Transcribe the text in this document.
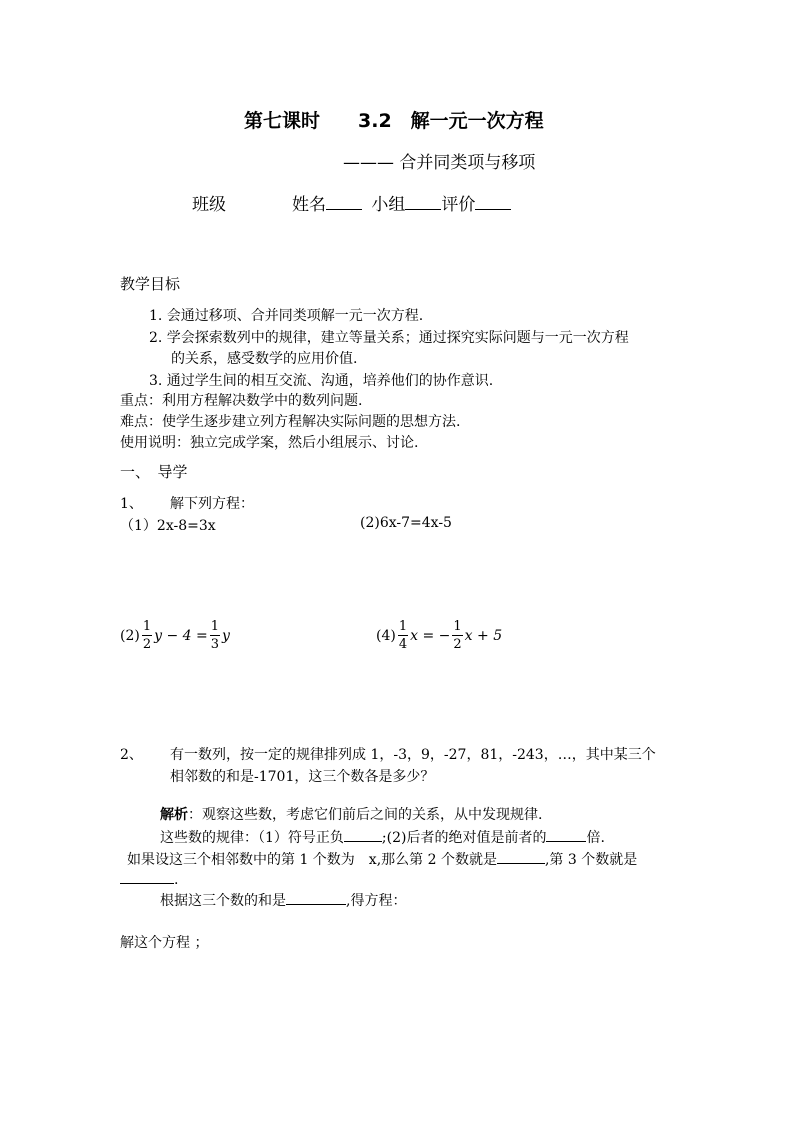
第七课时　　3.2　解一元一次方程
——— 合并同类项与移项
班级	姓名	小组 评价
教学目标
1. 会通过移项、合并同类项解一元一次方程.
2. 学会探索数列中的规律，建立等量关系；通过探究实际问题与一元一次方程
的关系，感受数学的应用价值.
3. 通过学生间的相互交流、沟通，培养他们的协作意识.
重点：利用方程解决数学中的数列问题.
难点：使学生逐步建立列方程解决实际问题的思想方法.
使用说明：独立完成学案，然后小组展示、讨论.
一、　导学
1、 解下列方程：
（1）2x-8=3x	(2)6x-7=4x-5
$(2) \frac{1}{2}$ $y - 4 = \frac{1}{3}$ y	$(4) \frac{1}{4}$ x = − $\frac{1}{2}$ x + 5
2、 有一数列，按一定的规律排列成 1，-3，9，-27，81，-243，…，其中某三个
相邻数的和是-1701，这三个数各是多少？
解析：观察这些数，考虑它们前后之间的关系，从中发现规律.
这些数的规律：（1）符号正负	;(2)后者的绝对值是前者的	倍.
如果设这三个相邻数中的第 1 个数为　x,那么第 2 个数就是	,第 3 个数就是
.
根据这三个数的和是	,得方程：
解这个方程 ；
